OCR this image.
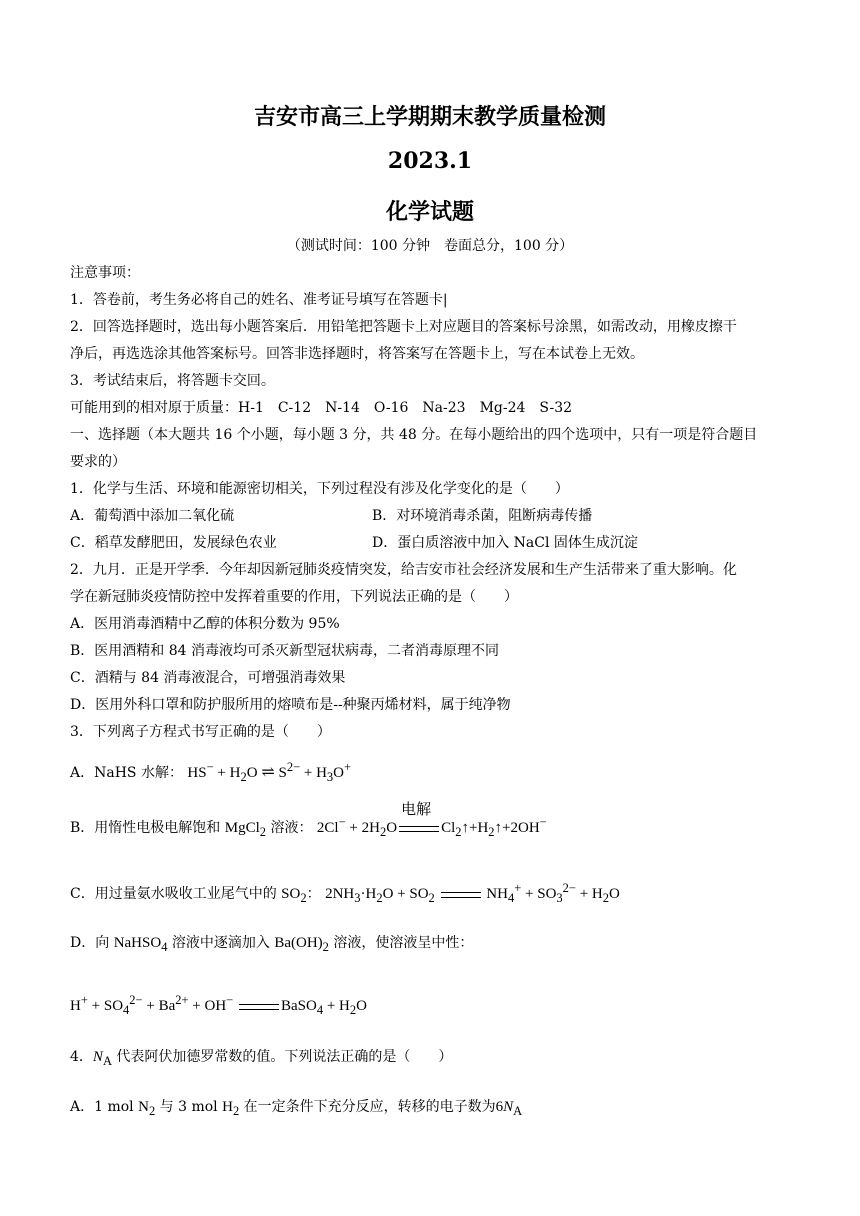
吉安市高三上学期期末教学质量检测
2023.1
化学试题
（测试时间：100 分钟　卷面总分，100 分）
注意事项：
1．答卷前，考生务必将自己的姓名、准考证号填写在答题卡|
2．回答选择题时，选出每小题答案后．用铅笔把答题卡上对应题目的答案标号涂黑，如需改动，用橡皮擦干
净后，再选选涂其他答案标号。回答非选择题时，将答案写在答题卡上，写在本试卷上无效。
3．考试结束后，将答题卡交回。
可能用到的相对原于质量：H-1　C-12　N-14　O-16　Na-23　Mg-24　S-32
一、选择题（本大题共 16 个小题，每小题 3 分，共 48 分。在每小题给出的四个选项中，只有一项是符合题目
要求的）
1．化学与生活、环境和能源密切相关，下列过程没有涉及化学变化的是（　　）
A．葡萄酒中添加二氧化硫	B．对环境消毒杀菌，阻断病毒传播
C．稻草发酵肥田，发展绿色农业	D．蛋白质溶液中加入 NaCl 固体生成沉淀
2．九月．正是开学季．今年却因新冠肺炎疫情突发，给吉安市社会经济发展和生产生活带来了重大影响。化
学在新冠肺炎疫情防控中发挥着重要的作用，下列说法正确的是（　　）
A．医用消毒酒精中乙醇的体积分数为 95%
B．医用酒精和 84 消毒液均可杀灭新型冠状病毒，二者消毒原理不同
C．酒精与 84 消毒液混合，可增强消毒效果
D．医用外科口罩和防护服所用的熔喷布是--种聚丙烯材料，属于纯净物
3．下列离子方程式书写正确的是（　　）
A．NaHS 水解： $HS^- + H_2O$ ⇌ $S^{2-} + H_3O^+$
B．用惰性电极电解饱和 MgCl$_2$ 溶液： $2Cl^- + 2H_2O$
电解
$Cl_2↑+H_2↑+2OH^-$
C．用过量氨水吸收工业尾气中的 $SO_2$： $2NH_3\cdot H_2O + SO_2$	$NH_4^+ + SO_3^{2-} + H_2O$
D．向 NaHSO$_4$ 溶液中逐滴加入 $Ba(OH)_2$ 溶液，使溶液呈中性：
$H^+ + SO_4^{2-} + Ba^{2+} + OH^-$	BaSO$_4$ + $H_2O$
4．$N_A$ 代表阿伏加德罗常数的值。下列说法正确的是（　　）
A．1 mol $N_2$ 与 3 mol $H_2$ 在一定条件下充分反应，转移的电子数为$6N_A$
